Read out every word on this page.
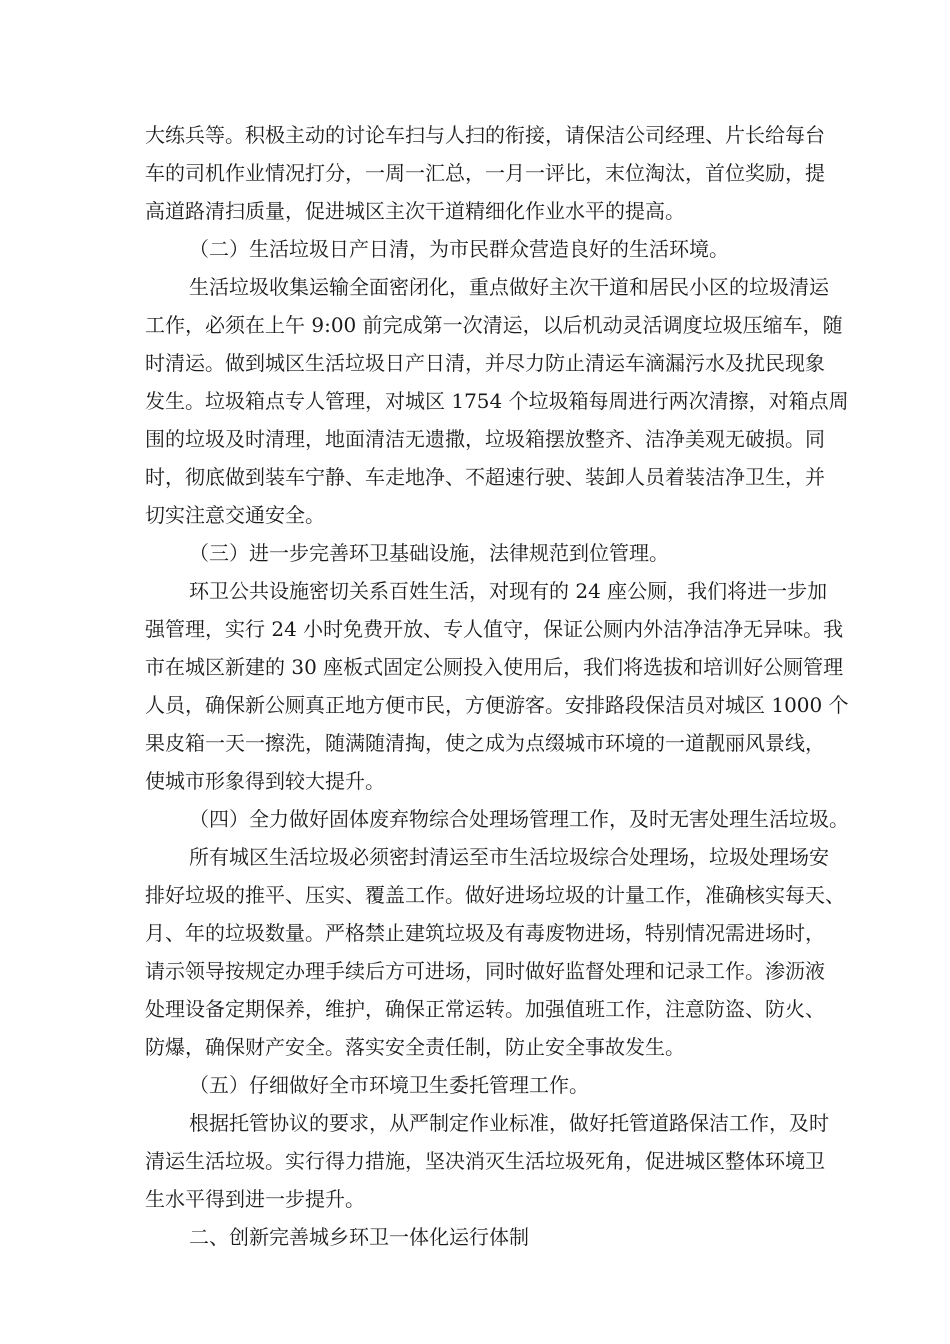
大练兵等。积极主动的讨论车扫与人扫的衔接，请保洁公司经理、片长给每台
车的司机作业情况打分，一周一汇总，一月一评比，末位淘汰，首位奖励，提
高道路清扫质量，促进城区主次干道精细化作业水平的提高。
（二）生活垃圾日产日清，为市民群众营造良好的生活环境。
生活垃圾收集运输全面密闭化，重点做好主次干道和居民小区的垃圾清运
工作，必须在上午 9:00 前完成第一次清运，以后机动灵活调度垃圾压缩车，随
时清运。做到城区生活垃圾日产日清，并尽力防止清运车滴漏污水及扰民现象
发生。垃圾箱点专人管理，对城区 1754 个垃圾箱每周进行两次清擦，对箱点周
围的垃圾及时清理，地面清洁无遗撒，垃圾箱摆放整齐、洁净美观无破损。同
时，彻底做到装车宁静、车走地净、不超速行驶、装卸人员着装洁净卫生，并
切实注意交通安全。
（三）进一步完善环卫基础设施，法律规范到位管理。
环卫公共设施密切关系百姓生活，对现有的 24 座公厕，我们将进一步加
强管理，实行 24 小时免费开放、专人值守，保证公厕内外洁净洁净无异味。我
市在城区新建的 30 座板式固定公厕投入使用后，我们将选拔和培训好公厕管理
人员，确保新公厕真正地方便市民，方便游客。安排路段保洁员对城区 1000 个
果皮箱一天一擦洗，随满随清掏，使之成为点缀城市环境的一道靓丽风景线，
使城市形象得到较大提升。
（四）全力做好固体废弃物综合处理场管理工作，及时无害处理生活垃圾。
所有城区生活垃圾必须密封清运至市生活垃圾综合处理场，垃圾处理场安
排好垃圾的推平、压实、覆盖工作。做好进场垃圾的计量工作，准确核实每天、
月、年的垃圾数量。严格禁止建筑垃圾及有毒废物进场，特别情况需进场时，
请示领导按规定办理手续后方可进场，同时做好监督处理和记录工作。渗沥液
处理设备定期保养，维护，确保正常运转。加强值班工作，注意防盗、防火、
防爆，确保财产安全。落实安全责任制，防止安全事故发生。
（五）仔细做好全市环境卫生委托管理工作。
根据托管协议的要求，从严制定作业标准，做好托管道路保洁工作，及时
清运生活垃圾。实行得力措施，坚决消灭生活垃圾死角，促进城区整体环境卫
生水平得到进一步提升。
二、创新完善城乡环卫一体化运行体制
